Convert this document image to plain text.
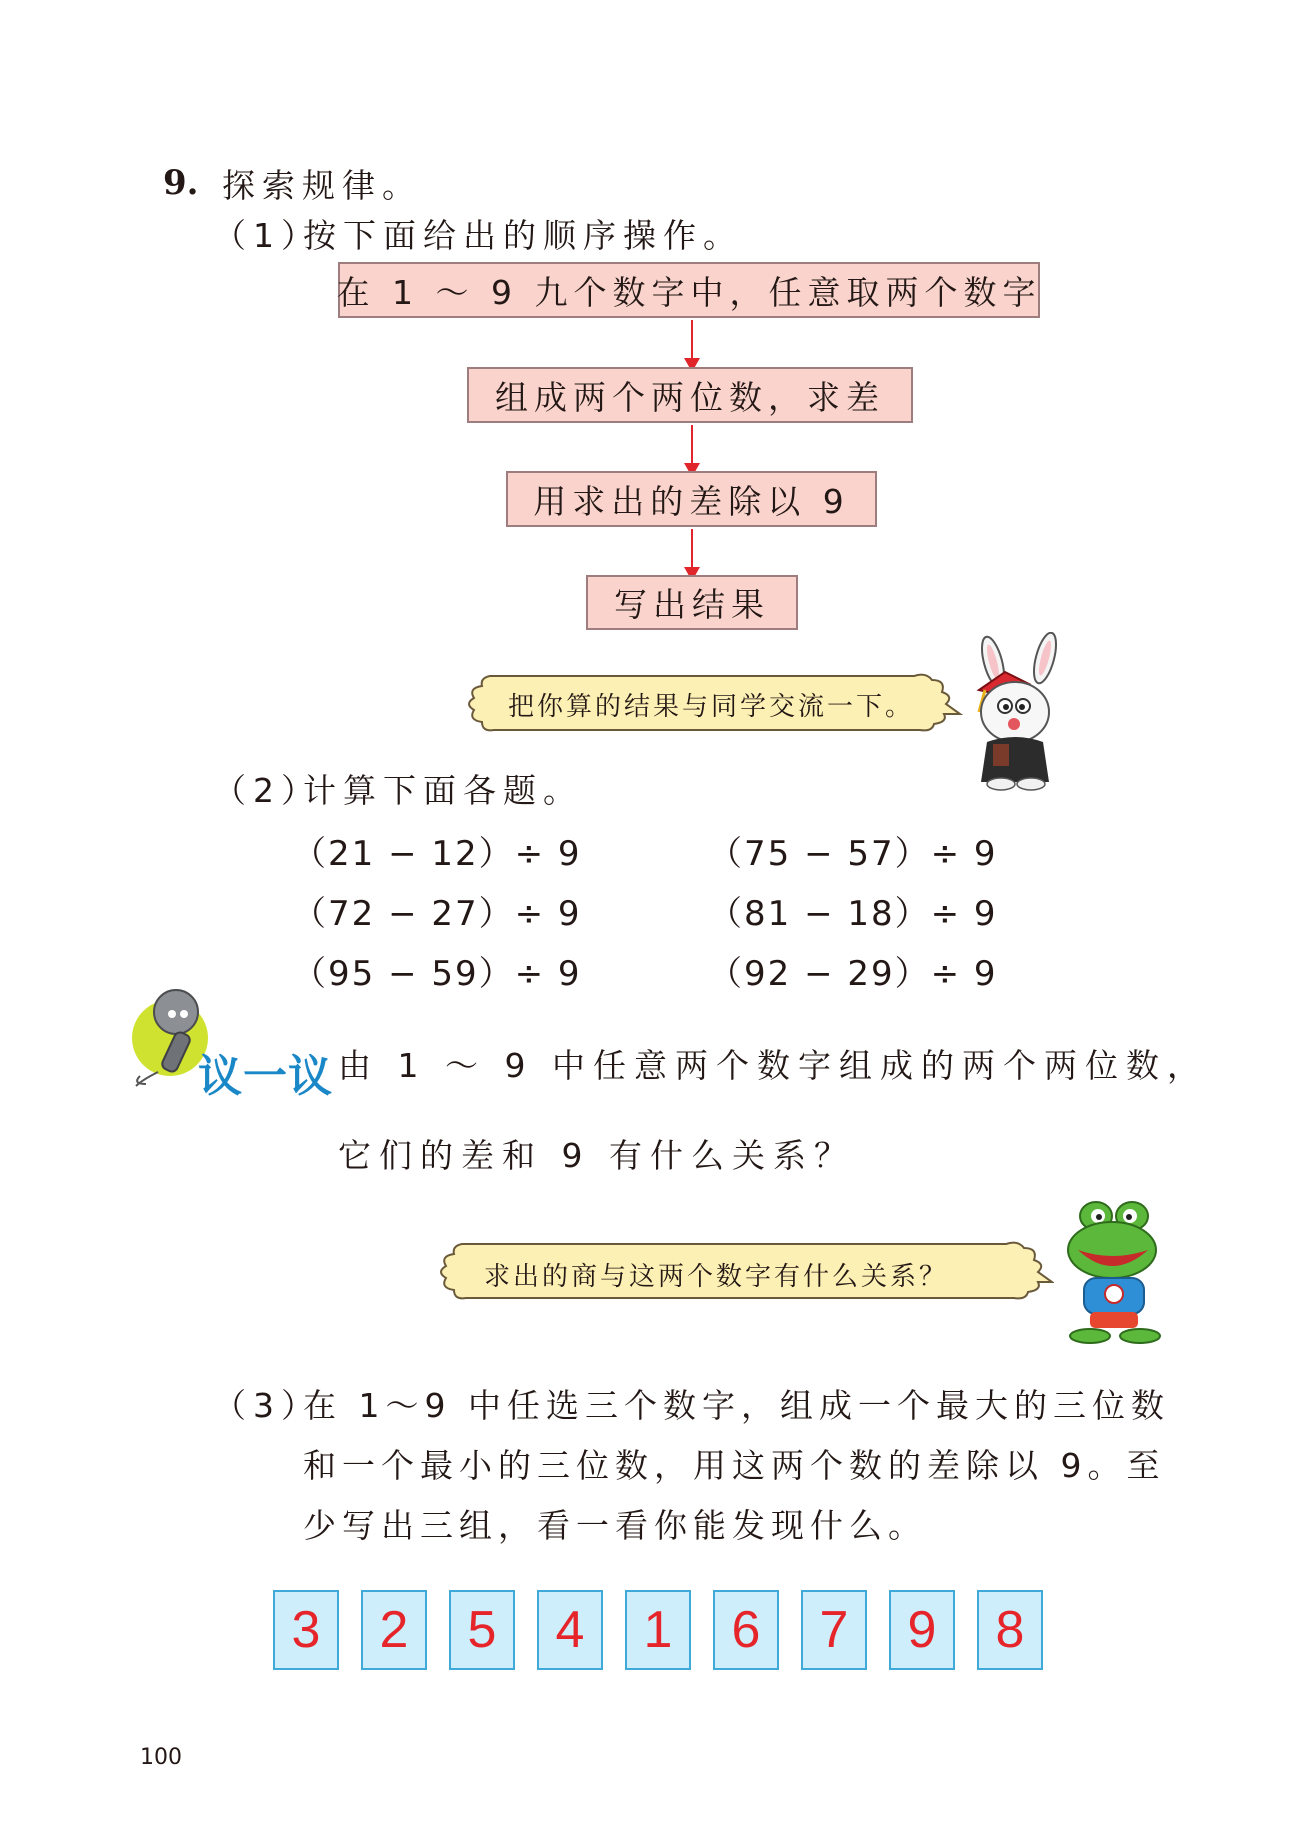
9. 探索规律。
（1）
按下面给出的顺序操作。
在 1 ～ 9 九个数字中，任意取两个数字
组成两个两位数，求差
用求出的差除以 9
写出结果
把你算的结果与同学交流一下。
（2）
计算下面各题。
（21 − 12）÷ 9	（75 − 57）÷ 9
（72 − 27）÷ 9	（81 − 18）÷ 9
（95 − 59）÷ 9	（92 − 29）÷ 9
议一议 由 1 ～ 9 中任意两个数字组成的两个两位数，
它们的差和 9 有什么关系？
求出的商与这两个数字有什么关系？
（3）
在 1～9 中任选三个数字，组成一个最大的三位数
和一个最小的三位数，用这两个数的差除以 9。至
少写出三组，看一看你能发现什么。
3	2	5	4	1	6	7	9	8
100
